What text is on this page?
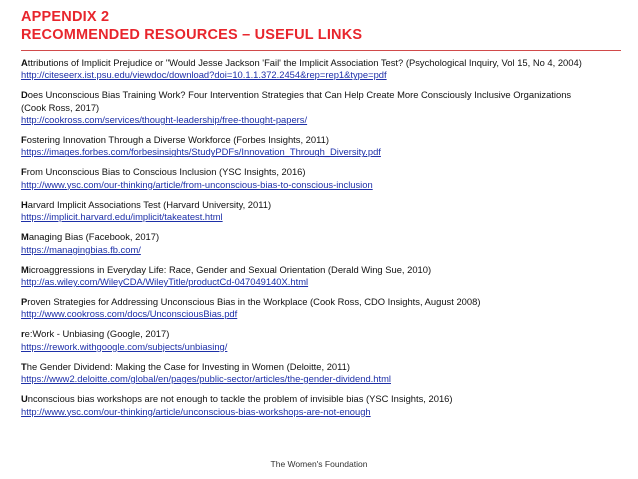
APPENDIX 2
RECOMMENDED RESOURCES – USEFUL LINKS
Attributions of Implicit Prejudice or "Would Jesse Jackson 'Fail' the Implicit Association Test? (Psychological Inquiry, Vol 15, No 4, 2004)
http://citeseerx.ist.psu.edu/viewdoc/download?doi=10.1.1.372.2454&rep=rep1&type=pdf
Does Unconscious Bias Training Work? Four Intervention Strategies that Can Help Create More Consciously Inclusive Organizations
(Cook Ross, 2017)
http://cookross.com/services/thought-leadership/free-thought-papers/
Fostering Innovation Through a Diverse Workforce (Forbes Insights, 2011)
https://images.forbes.com/forbesinsights/StudyPDFs/Innovation_Through_Diversity.pdf
From Unconscious Bias to Conscious Inclusion (YSC Insights, 2016)
http://www.ysc.com/our-thinking/article/from-unconscious-bias-to-conscious-inclusion
Harvard Implicit Associations Test (Harvard University, 2011)
https://implicit.harvard.edu/implicit/takeatest.html
Managing Bias (Facebook, 2017)
https://managingbias.fb.com/
Microaggressions in Everyday Life: Race, Gender and Sexual Orientation (Derald Wing Sue, 2010)
http://as.wiley.com/WileyCDA/WileyTitle/productCd-047049140X.html
Proven Strategies for Addressing Unconscious Bias in the Workplace (Cook Ross, CDO Insights, August 2008)
http://www.cookross.com/docs/UnconsciousBias.pdf
re:Work - Unbiasing (Google, 2017)
https://rework.withgoogle.com/subjects/unbiasing/
The Gender Dividend: Making the Case for Investing in Women (Deloitte, 2011)
https://www2.deloitte.com/global/en/pages/public-sector/articles/the-gender-dividend.html
Unconscious bias workshops are not enough to tackle the problem of invisible bias (YSC Insights, 2016)
http://www.ysc.com/our-thinking/article/unconscious-bias-workshops-are-not-enough
The Women's Foundation
